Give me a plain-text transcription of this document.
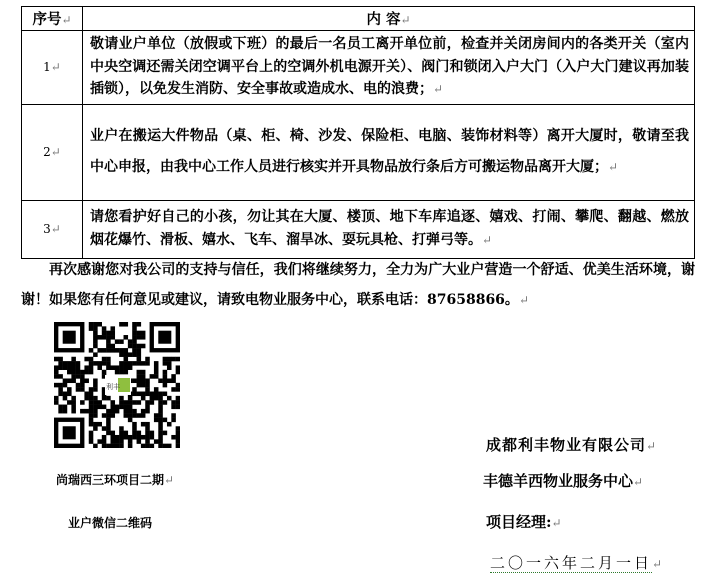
序号↵	内 容↵
1↵	敬请业户单位（放假或下班）的最后一名员工离开单位前，检查并关闭房间内的各类开关（室内中央空调还需关闭空调平台上的空调外机电源开关）、阀门和锁闭入户大门（入户大门建议再加装插锁），以免发生消防、安全事故或造成水、电的浪费；↵
2↵	业户在搬运大件物品（桌、柜、椅、沙发、保险柜、电脑、装饰材料等）离开大厦时，敬请至我中心申报，由我中心工作人员进行核实并开具物品放行条后方可搬运物品离开大厦；↵
3↵	请您看护好自己的小孩，勿让其在大厦、楼顶、地下车库追逐、嬉戏、打闹、攀爬、翻越、燃放烟花爆竹、滑板、嬉水、飞车、溜旱冰、耍玩具枪、打弹弓等。↵

再次感谢您对我公司的支持与信任，我们将继续努力，全力为广大业户营造一个舒适、优美生活环境，谢谢！如果您有任何意见或建议，请致电物业服务中心，联系电话：87658866。↵

利丰
尚瑞西三环项目二期↵
业户微信二维码
成都利丰物业有限公司↵
丰德羊西物业服务中心↵
项目经理:↵
二〇一六年二月一日↵
